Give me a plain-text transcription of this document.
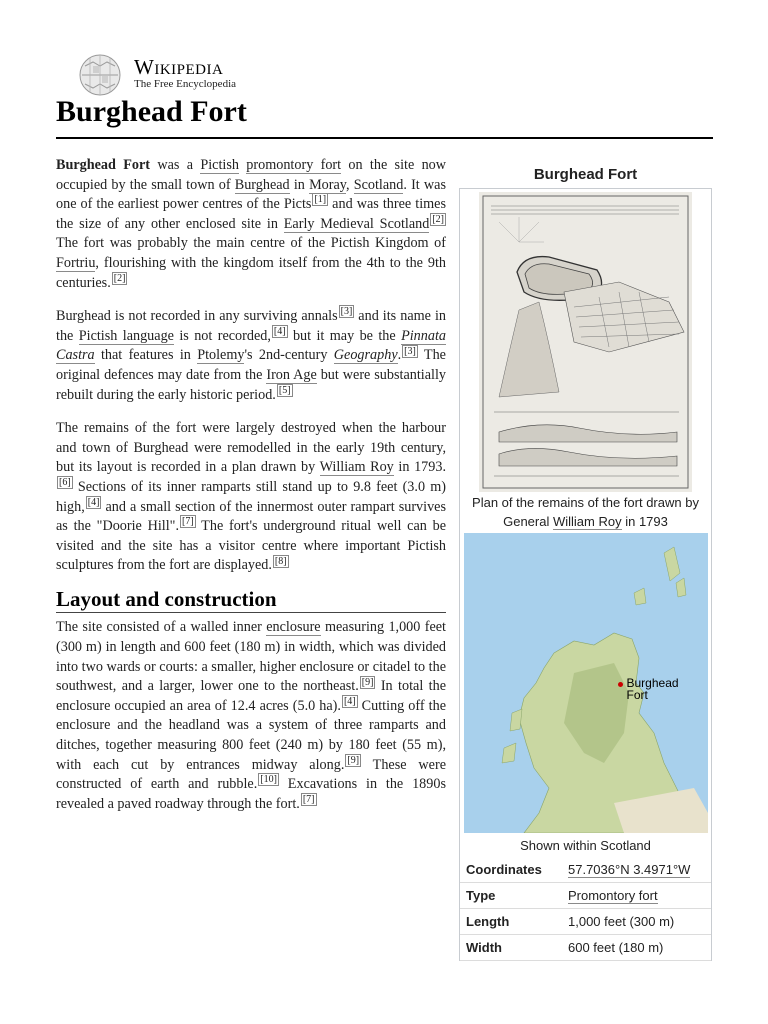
Wikipedia
The Free Encyclopedia
Burghead Fort

Burghead Fort was a Pictish promontory fort on the site now occupied by the small town of Burghead in Moray, Scotland. It was one of the earliest power centres of the Picts [1] and was three times the size of any other enclosed site in Early Medieval Scotland [2] The fort was probably the main centre of the Pictish Kingdom of Fortriu, flourishing with the kingdom itself from the 4th to the 9th centuries. [2]

Burghead is not recorded in any surviving annals [3] and its name in the Pictish language is not recorded, [4] but it may be the Pinnata Castra that features in Ptolemy's 2nd-century Geography. [3] The original defences may date from the Iron Age but were substantially rebuilt during the early historic period. [5]

The remains of the fort were largely destroyed when the harbour and town of Burghead were remodelled in the early 19th century, but its layout is recorded in a plan drawn by William Roy in 1793.[6] Sections of its inner ramparts still stand up to 9.8 feet (3.0 m) high, [4] and a small section of the innermost outer rampart survives as the "Doorie Hill". [7] The fort's underground ritual well can be visited and the site has a visitor centre where important Pictish sculptures from the fort are displayed. [8]

Layout and construction

The site consisted of a walled inner enclosure measuring 1,000 feet (300 m) in length and 600 feet (180 m) in width, which was divided into two wards or courts: a smaller, higher enclosure or citadel to the southwest, and a larger, lower one to the northeast. [9] In total the enclosure occupied an area of 12.4 acres (5.0 ha). [4] Cutting off the enclosure and the headland was a system of three ramparts and ditches, together measuring 800 feet (240 m) by 180 feet (55 m), with each cut by entrances midway along. [9] These were constructed of earth and rubble. [10] Excavations in the 1890s revealed a paved roadway through the fort. [7]

Burghead Fort
Plan of the remains of the fort drawn by General William Roy in 1793
Burghead Fort
Shown within Scotland
Coordinates	57.7036°N 3.4971°W
Type	Promontory fort
Length	1,000 feet (300 m)
Width	600 feet (180 m)
